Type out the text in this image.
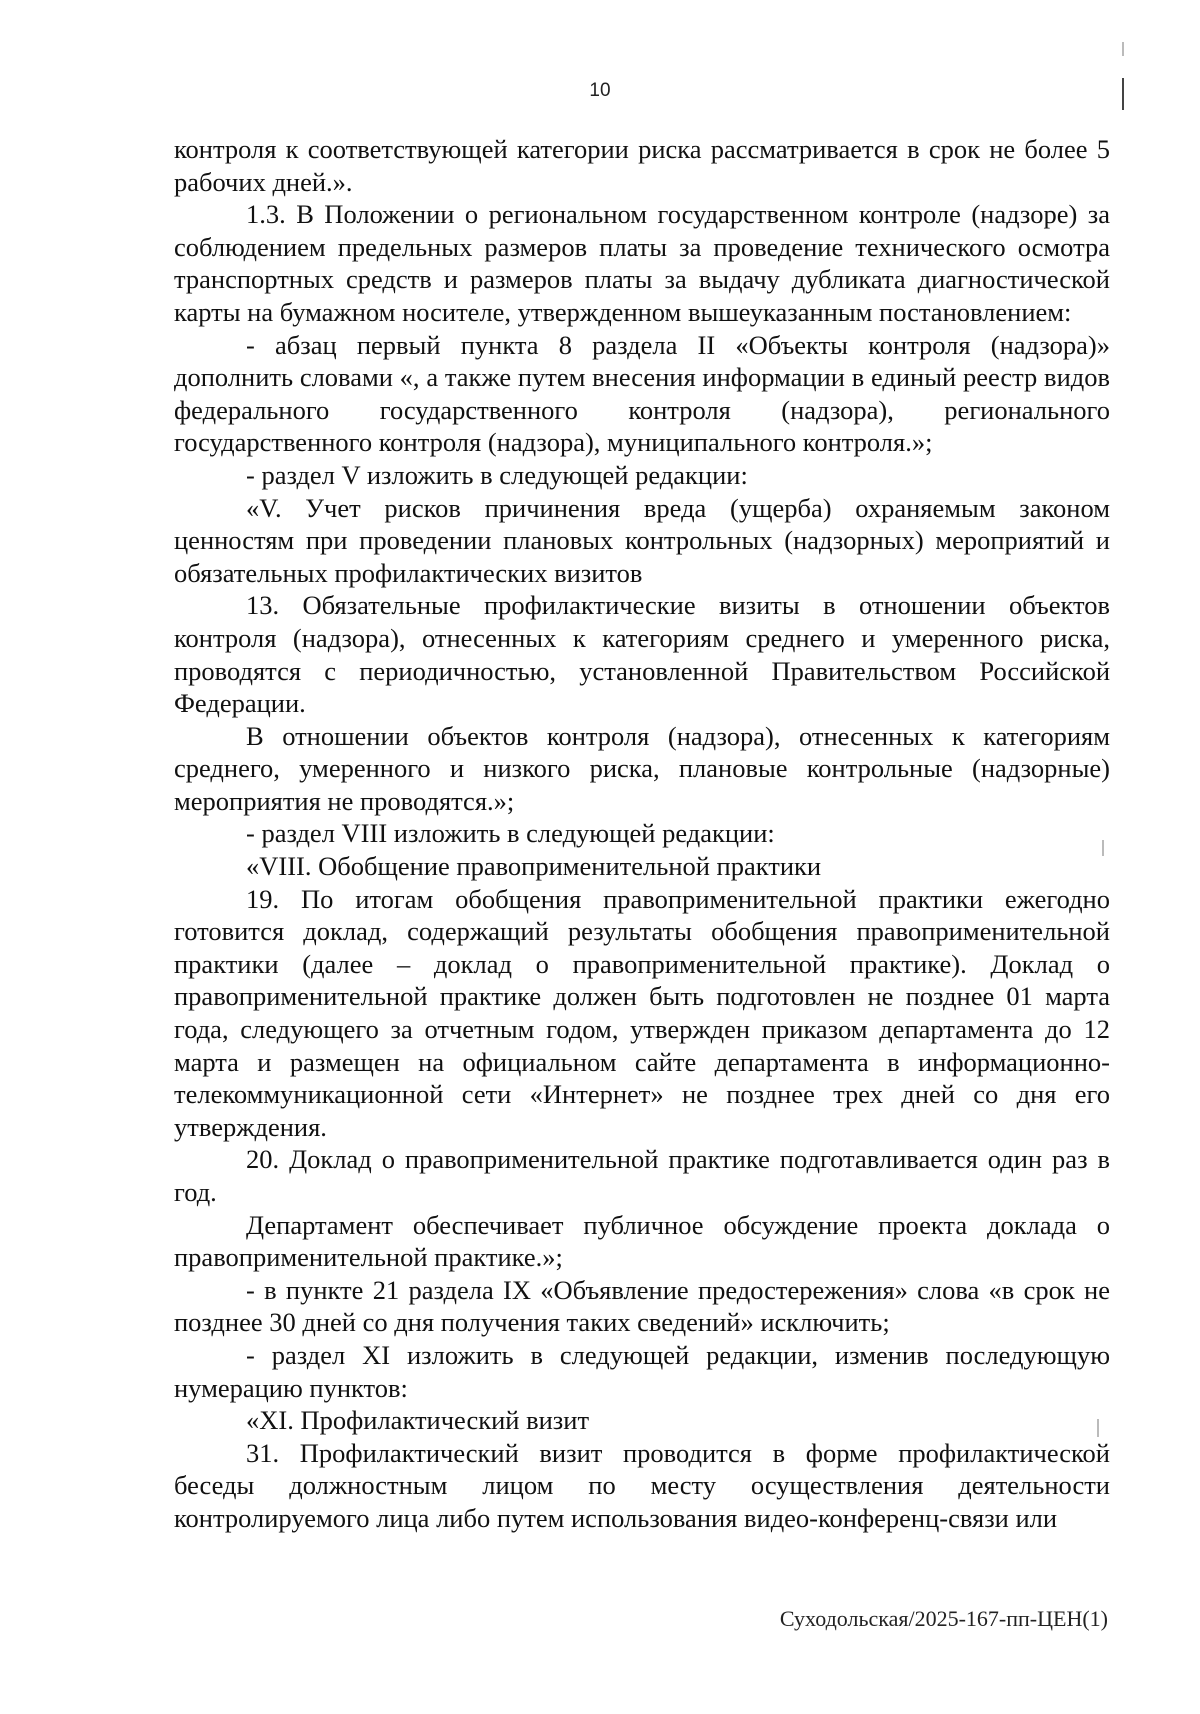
10

контроля к соответствующей категории риска рассматривается в срок не более 5 рабочих дней.».

1.3. В Положении о региональном государственном контроле (надзоре) за соблюдением предельных размеров платы за проведение технического осмотра транспортных средств и размеров платы за выдачу дубликата диагностической карты на бумажном носителе, утвержденном вышеуказанным постановлением:

- абзац первый пункта 8 раздела II «Объекты контроля (надзора)» дополнить словами «, а также путем внесения информации в единый реестр видов федерального государственного контроля (надзора), регионального государственного контроля (надзора), муниципального контроля.»;

- раздел V изложить в следующей редакции:

«V. Учет рисков причинения вреда (ущерба) охраняемым законом ценностям при проведении плановых контрольных (надзорных) мероприятий и обязательных профилактических визитов

13. Обязательные профилактические визиты в отношении объектов контроля (надзора), отнесенных к категориям среднего и умеренного риска, проводятся с периодичностью, установленной Правительством Российской Федерации.

В отношении объектов контроля (надзора), отнесенных к категориям среднего, умеренного и низкого риска, плановые контрольные (надзорные) мероприятия не проводятся.»;

- раздел VIII изложить в следующей редакции:

«VIII. Обобщение правоприменительной практики

19. По итогам обобщения правоприменительной практики ежегодно готовится доклад, содержащий результаты обобщения правоприменительной практики (далее – доклад о правоприменительной практике). Доклад о правоприменительной практике должен быть подготовлен не позднее 01 марта года, следующего за отчетным годом, утвержден приказом департамента до 12 марта и размещен на официальном сайте департамента в информационно-телекоммуникационной сети «Интернет» не позднее трех дней со дня его утверждения.

20. Доклад о правоприменительной практике подготавливается один раз в год.

Департамент обеспечивает публичное обсуждение проекта доклада о правоприменительной практике.»;

- в пункте 21 раздела IX «Объявление предостережения» слова «в срок не позднее 30 дней со дня получения таких сведений» исключить;

- раздел XI изложить в следующей редакции, изменив последующую нумерацию пунктов:

«XI. Профилактический визит

31. Профилактический визит проводится в форме профилактической беседы должностным лицом по месту осуществления деятельности контролируемого лица либо путем использования видео-конференц-связи или

Суходольская/2025-167-пп-ЦЕН(1)
